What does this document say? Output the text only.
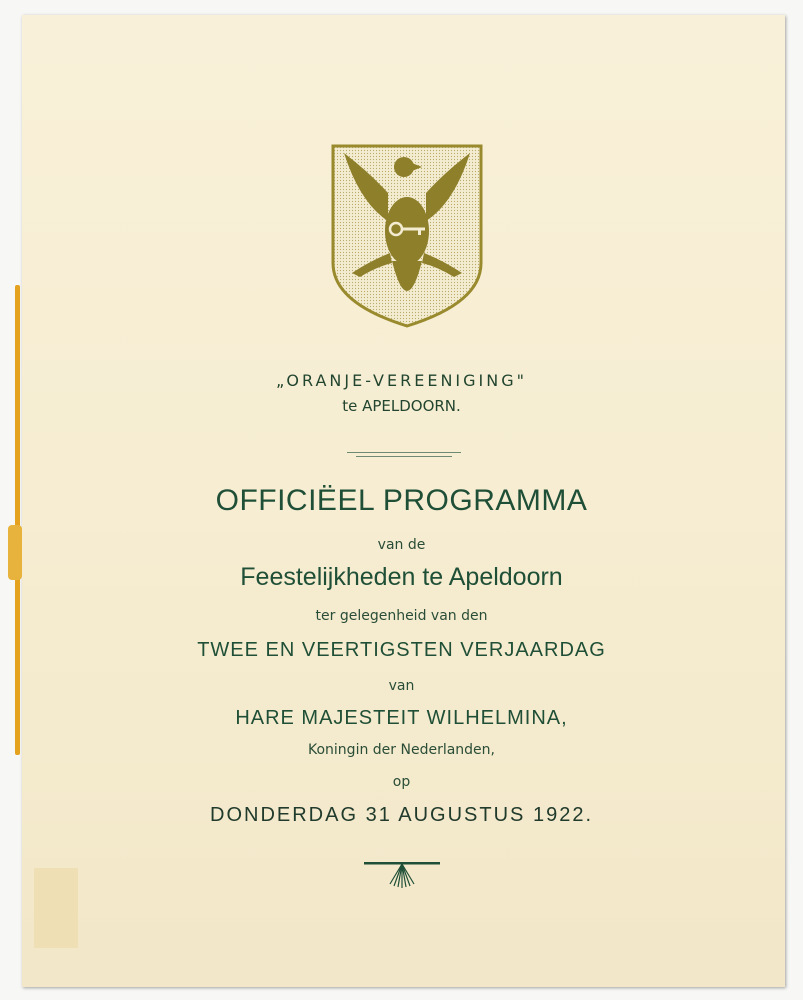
„ORANJE-VEREENIGING"
te APELDOORN.
OFFICIËEL PROGRAMMA
van de
Feestelijkheden te Apeldoorn
ter gelegenheid van den
TWEE EN VEERTIGSTEN VERJAARDAG
van
HARE MAJESTEIT WILHELMINA,
Koningin der Nederlanden,
op
DONDERDAG 31 AUGUSTUS 1922.
